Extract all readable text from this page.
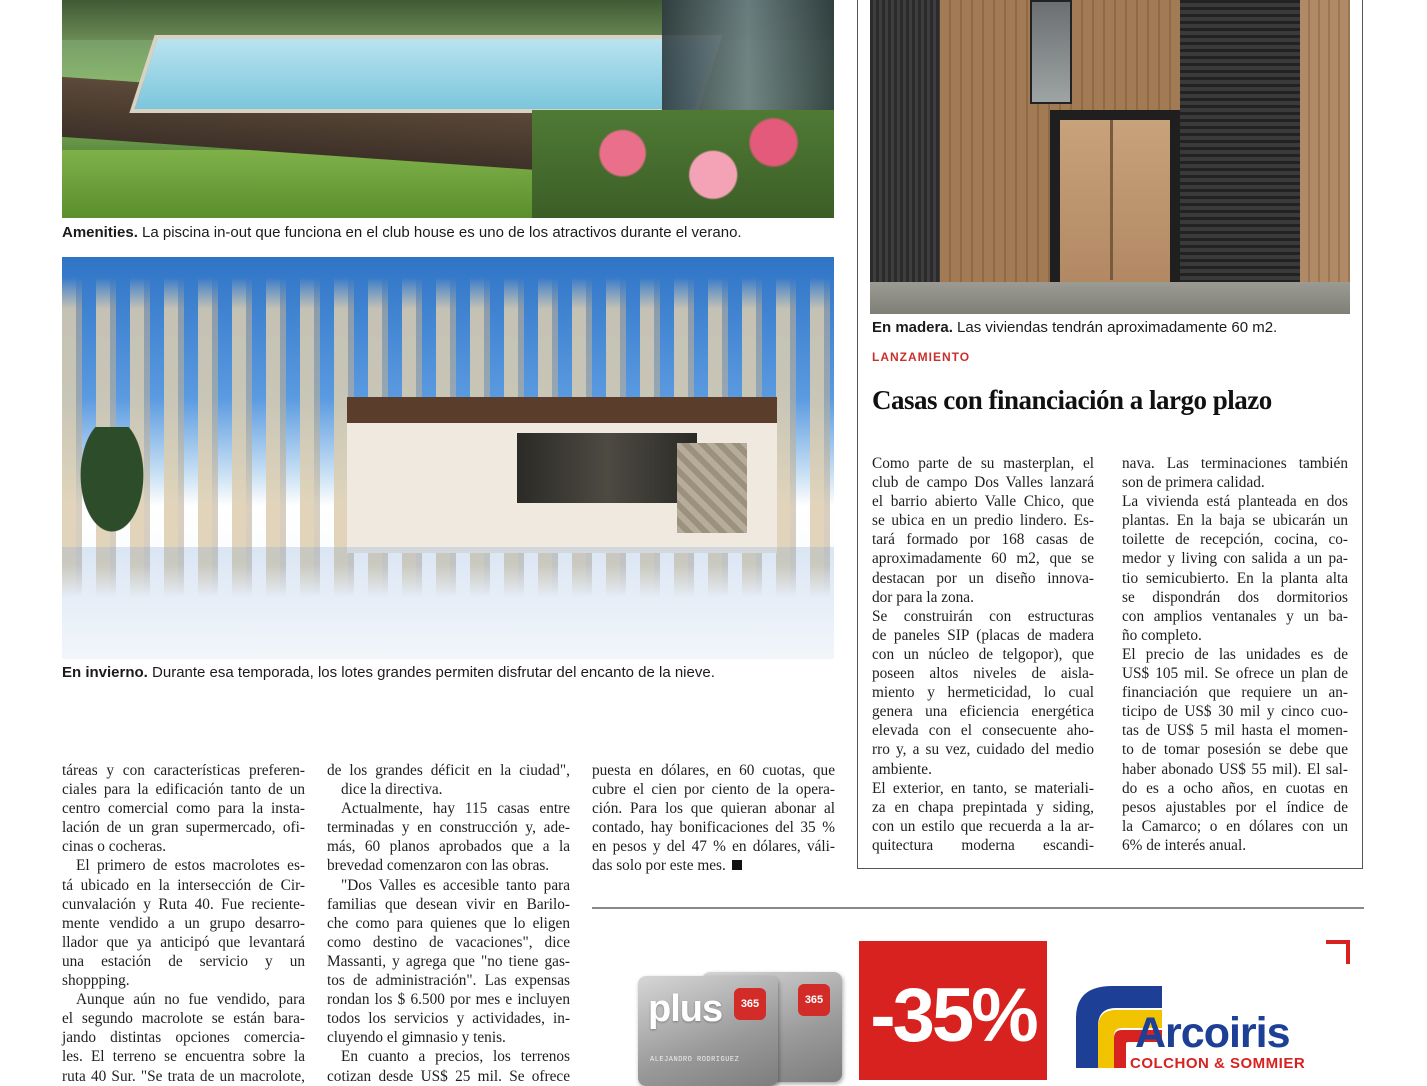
Amenities. La piscina in-out que funciona en el club house es uno de los atractivos durante el verano.
En invierno. Durante esa temporada, los lotes grandes permiten disfrutar del encanto de la nieve.
En madera. Las viviendas tendrán aproximadamente 60 m2.
LANZAMIENTO
Casas con financiación a largo plazo
Como parte de su masterplan, el
club de campo Dos Valles lanzará
el barrio abierto Valle Chico, que
se ubica en un predio lindero. Es-
tará formado por 168 casas de
aproximadamente 60 m2, que se
destacan por un diseño innova-
dor para la zona.
Se construirán con estructuras
de paneles SIP (placas de madera
con un núcleo de telgopor), que
poseen altos niveles de aisla-
miento y hermeticidad, lo cual
genera una eficiencia energética
elevada con el consecuente aho-
rro y, a su vez, cuidado del medio
ambiente.
El exterior, en tanto, se materiali-
za en chapa prepintada y siding,
con un estilo que recuerda a la ar-
quitectura moderna escandi-
nava. Las terminaciones también
son de primera calidad.
La vivienda está planteada en dos
plantas. En la baja se ubicarán un
toilette de recepción, cocina, co-
medor y living con salida a un pa-
tio semicubierto. En la planta alta
se dispondrán dos dormitorios
con amplios ventanales y un ba-
ño completo.
El precio de las unidades es de
US$ 105 mil. Se ofrece un plan de
financiación que requiere un an-
ticipo de US$ 30 mil y cinco cuo-
tas de US$ 5 mil hasta el momen-
to de tomar posesión se debe que
haber abonado US$ 55 mil). El sal-
do es a ocho años, en cuotas en
pesos ajustables por el índice de
la Camarco; o en dólares con un
6% de interés anual.
táreas y con características preferen-
ciales para la edificación tanto de un
centro comercial como para la insta-
lación de un gran supermercado, ofi-
cinas o cocheras.
El primero de estos macrolotes es-
tá ubicado en la intersección de Cir-
cunvalación y Ruta 40. Fue reciente-
mente vendido a un grupo desarro-
llador que ya anticipó que levantará
una estación de servicio y un
shoppping.
Aunque aún no fue vendido, para
el segundo macrolote se están bara-
jando distintas opciones comercia-
les. El terreno se encuentra sobre la
ruta 40 Sur. "Se trata de un macrolote,
de los grandes déficit en la ciudad",
dice la directiva.
Actualmente, hay 115 casas entre
terminadas y en construcción y, ade-
más, 60 planos aprobados que a la
brevedad comenzaron con las obras.
"Dos Valles es accesible tanto para
familias que desean vivir en Barilo-
che como para quienes que lo eligen
como destino de vacaciones", dice
Massanti, y agrega que "no tiene gas-
tos de administración". Las expensas
rondan los $ 6.500 por mes e incluyen
todos los servicios y actividades, in-
cluyendo el gimnasio y tenis.
En cuanto a precios, los terrenos
cotizan desde US$ 25 mil. Se ofrece
puesta en dólares, en 60 cuotas, que
cubre el cien por ciento de la opera-
ción. Para los que quieran abonar al
contado, hay bonificaciones del 35 %
en pesos y del 47 % en dólares, váli-
das solo por este mes.
365
plus	365
ALEJANDRO RODRIGUEZ
-35% Arcoiris
COLCHON & SOMMIER
